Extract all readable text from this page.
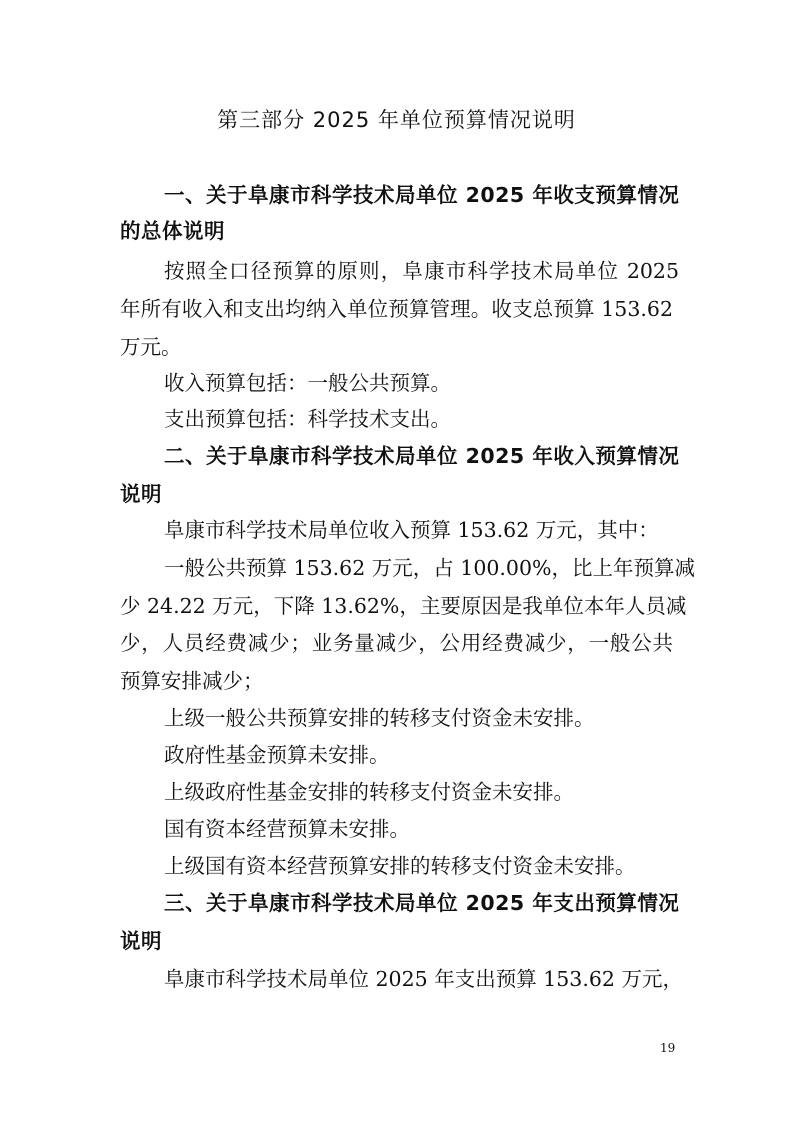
第三部分 2025 年单位预算情况说明
一、关于阜康市科学技术局单位 2025 年收支预算情况
的总体说明
按照全口径预算的原则，阜康市科学技术局单位 2025
年所有收入和支出均纳入单位预算管理。收支总预算 153.62
万元。
收入预算包括：一般公共预算。
支出预算包括：科学技术支出。
二、关于阜康市科学技术局单位 2025 年收入预算情况
说明
阜康市科学技术局单位收入预算 153.62 万元，其中：
一般公共预算 153.62 万元，占 100.00%，比上年预算减
少 24.22 万元，下降 13.62%，主要原因是我单位本年人员减
少，人员经费减少；业务量减少，公用经费减少，一般公共
预算安排减少；
上级一般公共预算安排的转移支付资金未安排。
政府性基金预算未安排。
上级政府性基金安排的转移支付资金未安排。
国有资本经营预算未安排。
上级国有资本经营预算安排的转移支付资金未安排。
三、关于阜康市科学技术局单位 2025 年支出预算情况
说明
阜康市科学技术局单位 2025 年支出预算 153.62 万元，
19
